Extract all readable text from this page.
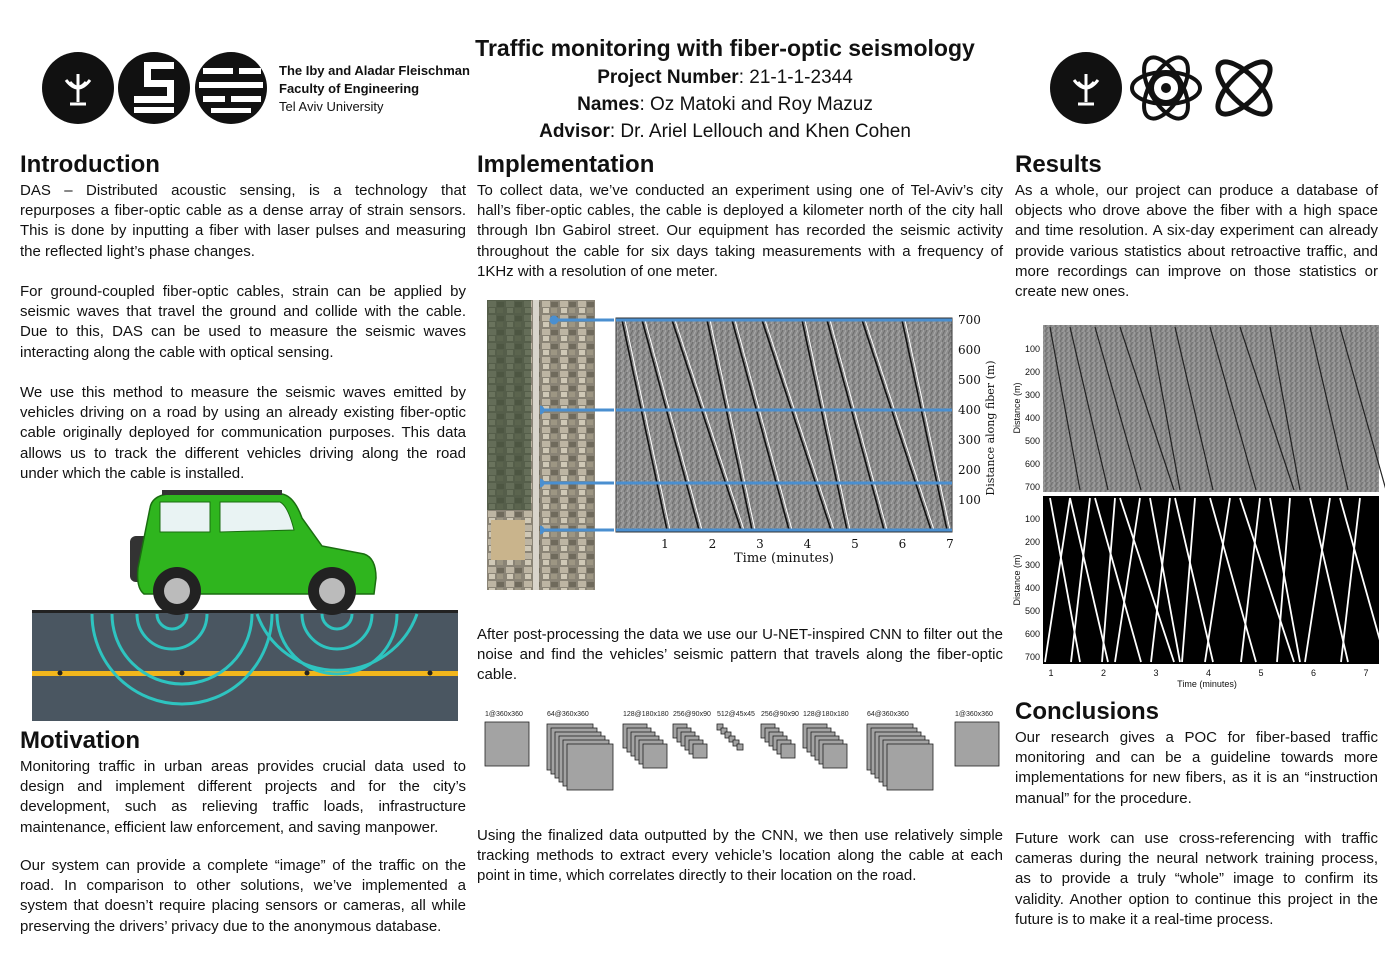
The Iby and Aladar Fleischman
Faculty of Engineering
Tel Aviv University
Traffic monitoring with fiber-optic seismology
Project Number: 21-1-1-2344
Names: Oz Matoki and Roy Mazuz
Advisor: Dr. Ariel Lellouch and Khen Cohen
Introduction

DAS – Distributed acoustic sensing, is a technology that repurposes a fiber-optic cable as a dense array of strain sensors. This is done by inputting a fiber with laser pulses and measuring the reflected light’s phase changes.

For ground-coupled fiber-optic cables, strain can be applied by seismic waves that travel the ground and collide with the cable. Due to this, DAS can be used to measure the seismic waves interacting along the cable with optical sensing.

We use this method to measure the seismic waves emitted by vehicles driving on a road by using an already existing fiber-optic cable originally deployed for communication purposes. This data allows us to track the different vehicles driving along the road under which the cable is installed.

Motivation

Monitoring traffic in urban areas provides crucial data used to design and implement different projects and for the city’s development, such as relieving traffic loads, infrastructure maintenance, efficient law enforcement, and saving manpower.

Our system can provide a complete “image” of the traffic on the road. In comparison to other solutions, we’ve implemented a system that doesn’t require placing sensors or cameras, all while preserving the drivers’ privacy due to the anonymous database.

Implementation

To collect data, we’ve conducted an experiment using one of Tel-Aviv’s city hall’s fiber-optic cables, the cable is deployed a kilometer north of the city hall through Ibn Gabirol street. Our equipment has recorded the seismic activity throughout the cable for six days taking measurements with a frequency of 1KHz with a resolution of one meter.

700
600
500
400
300
200
100
1	2	3	4	5	6	7
Time (minutes)
Distance along fiber (m)

After post-processing the data we use our U-NET-inspired CNN to filter out the noise and find the vehicles’ seismic pattern that travels along the fiber-optic cable.

1@360x360	64@360x360	128@180x180 256@90x90 512@45x45 256@90x90 128@180x180	64@360x360	1@360x360

Using the finalized data outputted by the CNN, we then use relatively simple tracking methods to extract every vehicle’s location along the cable at each point in time, which correlates directly to their location on the road.

Results

As a whole, our project can produce a database of objects who drove above the fiber with a high space and time resolution. A six-day experiment can already provide various statistics about retroactive traffic, and more recordings can improve on those statistics or create new ones.

100
100
200
200
300
300
400
400
500
500
600
600
700
700
1	2	3	4	5	6	7
Distance (m)
Distance (m)
Time (minutes)
Conclusions

Our research gives a POC for fiber-based traffic monitoring and can be a guideline towards more implementations for new fibers, as it is an “instruction manual” for the procedure.

Future work can use cross-referencing with traffic cameras during the neural network training process, as to provide a truly “whole” image to confirm its validity. Another option to continue this project in the future is to make it a real-time process.
